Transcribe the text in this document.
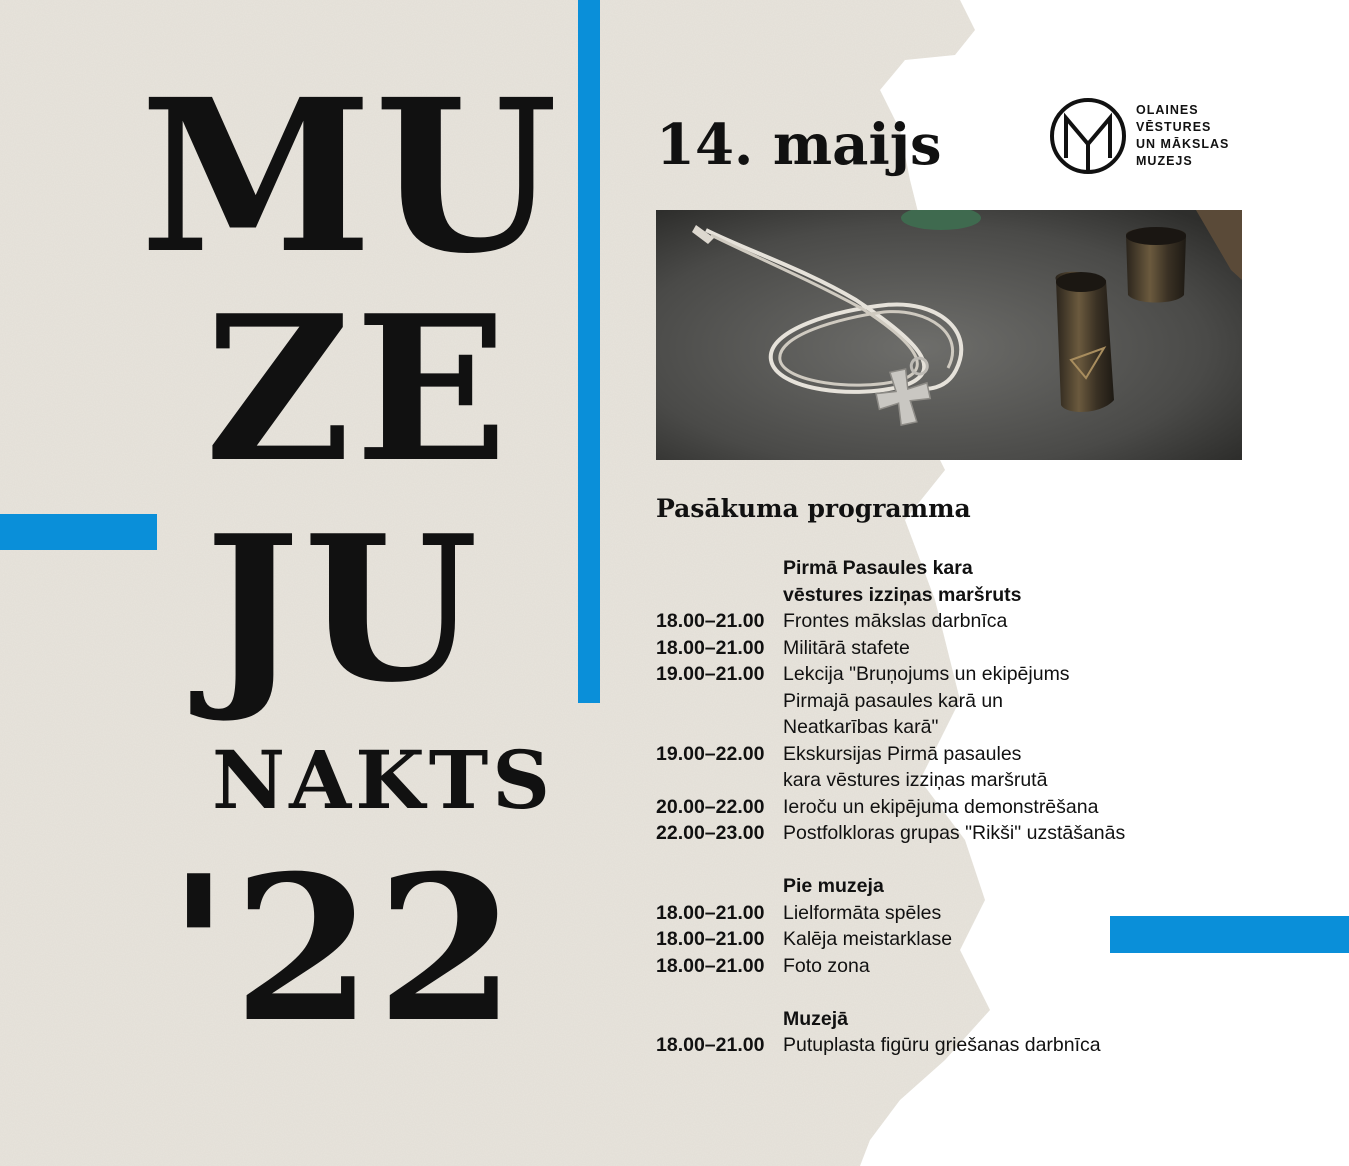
MU
ZE
JU
NAKTS
'22
14. maijs
OLAINES
VĒSTURES
UN MĀKSLAS
MUZEJS
Pasākuma programma
Pirmā Pasaules kara
vēstures izziņas maršruts
18.00–21.00 Frontes mākslas darbnīca
18.00–21.00 Militārā stafete
19.00–21.00 Lekcija "Bruņojums un ekipējums
Pirmajā pasaules karā un
Neatkarības karā"
19.00–22.00 Ekskursijas Pirmā pasaules
kara vēstures izziņas maršrutā
20.00–22.00 Ieroču un ekipējuma demonstrēšana
22.00–23.00 Postfolkloras grupas "Rikši" uzstāšanās
Pie muzeja
18.00–21.00 Lielformāta spēles
18.00–21.00 Kalēja meistarklase
18.00–21.00 Foto zona
Muzejā
18.00–21.00 Putuplasta figūru griešanas darbnīca
